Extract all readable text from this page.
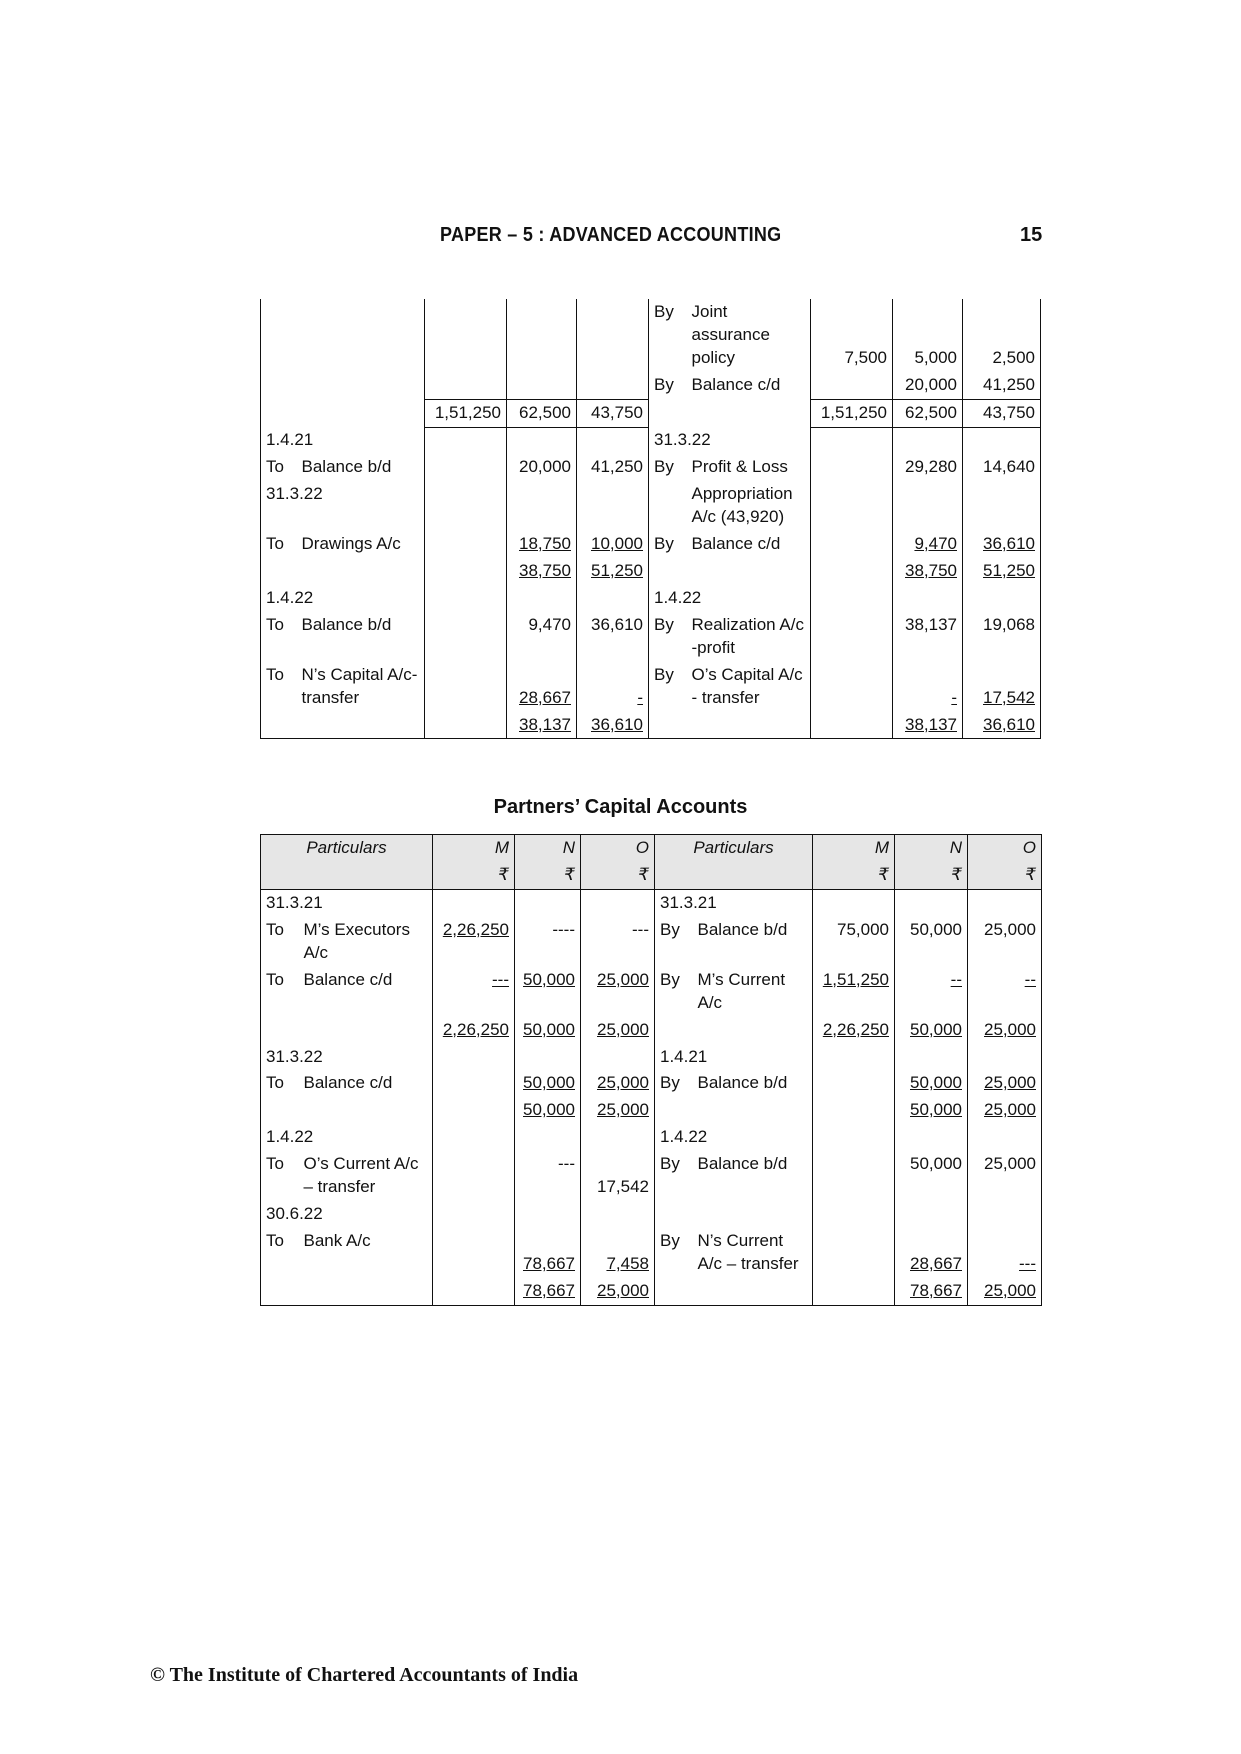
PAPER – 5 : ADVANCED ACCOUNTING	15
					By	Joint assurance policy	7,500	5,000	2,500
					By	Balance c/d		20,000	41,250
		1,51,250	62,500	43,750			1,51,250	62,500	43,750
1.4.21					31.3.22				
To	Balance b/d		20,000	41,250	By	Profit & Loss		29,280	14,640
31.3.22						Appropriation A/c (43,920)			
To	Drawings A/c		18,750	10,000	By	Balance c/d		9,470	36,610
			38,750	51,250				38,750	51,250
1.4.22					1.4.22				
To	Balance b/d		9,470	36,610	By	Realization A/c -profit		38,137	19,068
To	N’s Capital A/c-transfer		28,667	-	By	O’s Capital A/c - transfer		-	17,542
			38,137	36,610				38,137	36,610
Partners’ Capital Accounts
Particulars		M	N	O	Particulars		M	N	O
		₹	₹	₹			₹	₹	₹
31.3.21					31.3.21				
To	M’s Executors A/c	2,26,250	----	---	By	Balance b/d	75,000	50,000	25,000
To	Balance c/d	---	50,000	25,000	By	M’s Current A/c	1,51,250	--	--
		2,26,250	50,000	25,000			2,26,250	50,000	25,000
31.3.22					1.4.21				
To	Balance c/d		50,000	25,000	By	Balance b/d		50,000	25,000
			50,000	25,000				50,000	25,000
1.4.22					1.4.22				
To	O’s Current A/c – transfer		---	17,542	By	Balance b/d		50,000	25,000
30.6.22									
To	Bank A/c		78,667	7,458	By	N’s Current A/c – transfer		28,667	---
			78,667	25,000				78,667	25,000
© The Institute of Chartered Accountants of India
